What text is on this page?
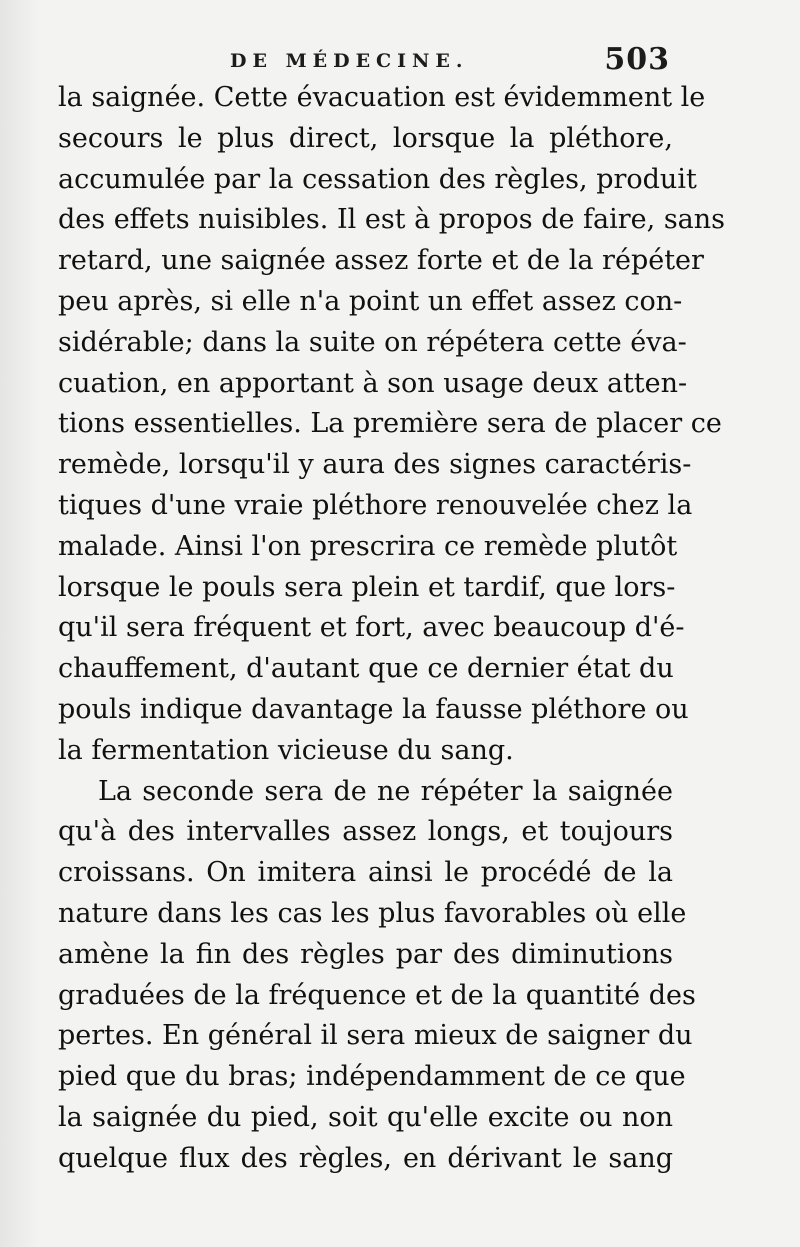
DE MÉDECINE.	503
la saignée. Cette évacuation est évidemment le
secours le plus direct, lorsque la pléthore,
accumulée par la cessation des règles, produit
des effets nuisibles. Il est à propos de faire, sans
retard, une saignée assez forte et de la répéter
peu après, si elle n'a point un effet assez con-
sidérable; dans la suite on répétera cette éva-
cuation, en apportant à son usage deux atten-
tions essentielles. La première sera de placer ce
remède, lorsqu'il y aura des signes caractéris-
tiques d'une vraie pléthore renouvelée chez la
malade. Ainsi l'on prescrira ce remède plutôt
lorsque le pouls sera plein et tardif, que lors-
qu'il sera fréquent et fort, avec beaucoup d'é-
chauffement, d'autant que ce dernier état du
pouls indique davantage la fausse pléthore ou
la fermentation vicieuse du sang.
La seconde sera de ne répéter la saignée
qu'à des intervalles assez longs, et toujours
croissans. On imitera ainsi le procédé de la
nature dans les cas les plus favorables où elle
amène la fin des règles par des diminutions
graduées de la fréquence et de la quantité des
pertes. En général il sera mieux de saigner du
pied que du bras; indépendamment de ce que
la saignée du pied, soit qu'elle excite ou non
quelque flux des règles, en dérivant le sang
